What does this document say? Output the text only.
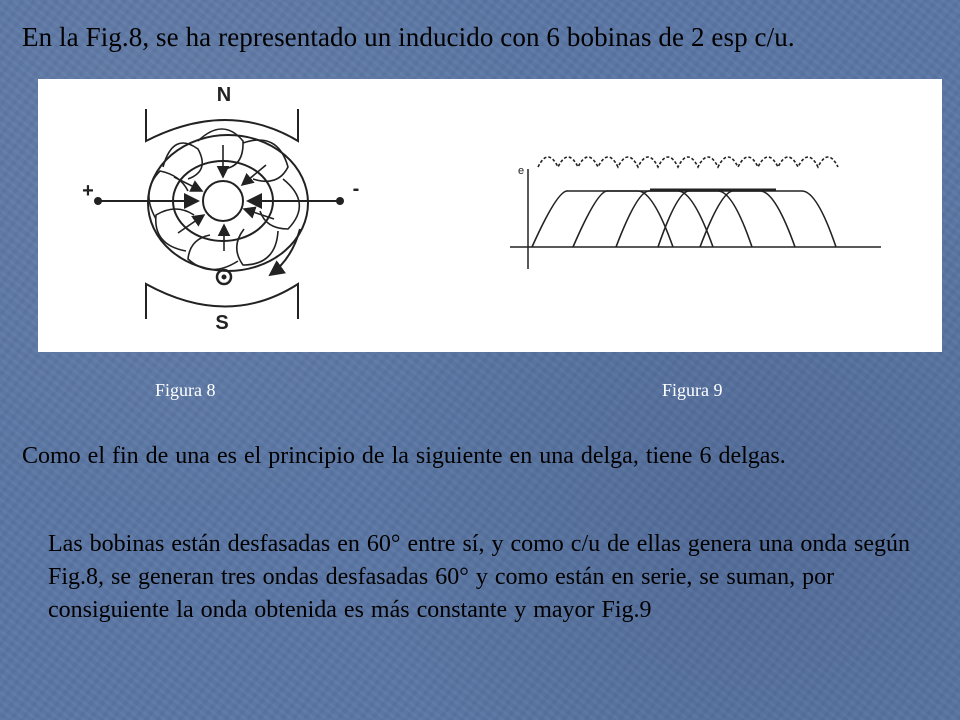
En la Fig.8, se ha representado un inducido con 6 bobinas de 2 esp c/u.
N
S
+	-
e
Figura 8	Figura 9
Como el fin de una es el principio de la siguiente en una delga, tiene 6 delgas.
Las bobinas están desfasadas en 60° entre sí, y como c/u de ellas genera una onda según Fig.8, se generan tres ondas desfasadas 60° y como están en serie, se suman, por consiguiente la onda obtenida es más constante y mayor Fig.9
